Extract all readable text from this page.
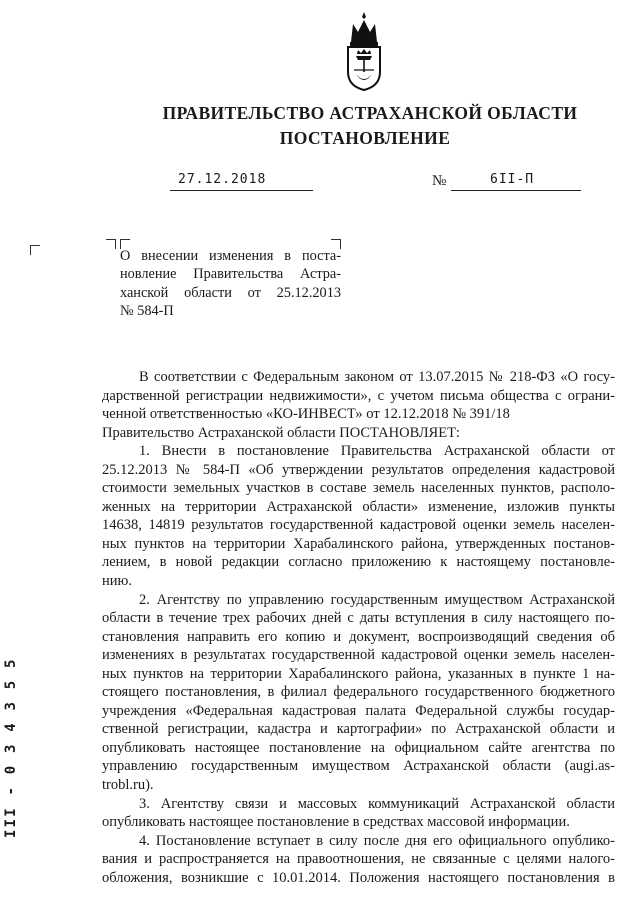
ПРАВИТЕЛЬСТВО АСТРАХАНСКОЙ ОБЛАСТИ
ПОСТАНОВЛЕНИЕ
27.12.2018	№	6II-П
О внесении изменения в поста-
новление Правительства Астра-
ханской области от 25.12.2013
№ 584-П
В соответствии с Федеральным законом от 13.07.2015 № 218-ФЗ «О госу-
дарственной регистрации недвижимости», с учетом письма общества с ограни-
ченной ответственностью «КО-ИНВЕСТ» от 12.12.2018 № 391/18
Правительство Астраханской области ПОСТАНОВЛЯЕТ:
1. Внести в постановление Правительства Астраханской области от
25.12.2013 № 584-П «Об утверждении результатов определения кадастровой
стоимости земельных участков в составе земель населенных пунктов, располо-
женных на территории Астраханской области» изменение, изложив пункты
14638, 14819 результатов государственной кадастровой оценки земель населен-
ных пунктов на территории Харабалинского района, утвержденных постанов-
лением, в новой редакции согласно приложению к настоящему постановле-
нию.
2. Агентству по управлению государственным имуществом Астраханской
области в течение трех рабочих дней с даты вступления в силу настоящего по-
становления направить его копию и документ, воспроизводящий сведения об
изменениях в результатах государственной кадастровой оценки земель населен-
ных пунктов на территории Харабалинского района, указанных в пункте 1 на-
стоящего постановления, в филиал федерального государственного бюджетного
учреждения «Федеральная кадастровая палата Федеральной службы государ-
ственной регистрации, кадастра и картографии» по Астраханской области и
опубликовать настоящее постановление на официальном сайте агентства по
управлению государственным имуществом Астраханской области (augi.as-
trobl.ru).
3. Агентству связи и массовых коммуникаций Астраханской области
опубликовать настоящее постановление в средствах массовой информации.
4. Постановление вступает в силу после дня его официального опублико-
вания и распространяется на правоотношения, не связанные с целями налого-
обложения, возникшие с 10.01.2014. Положения настоящего постановления в
III - 0 3 4 3 5 5
